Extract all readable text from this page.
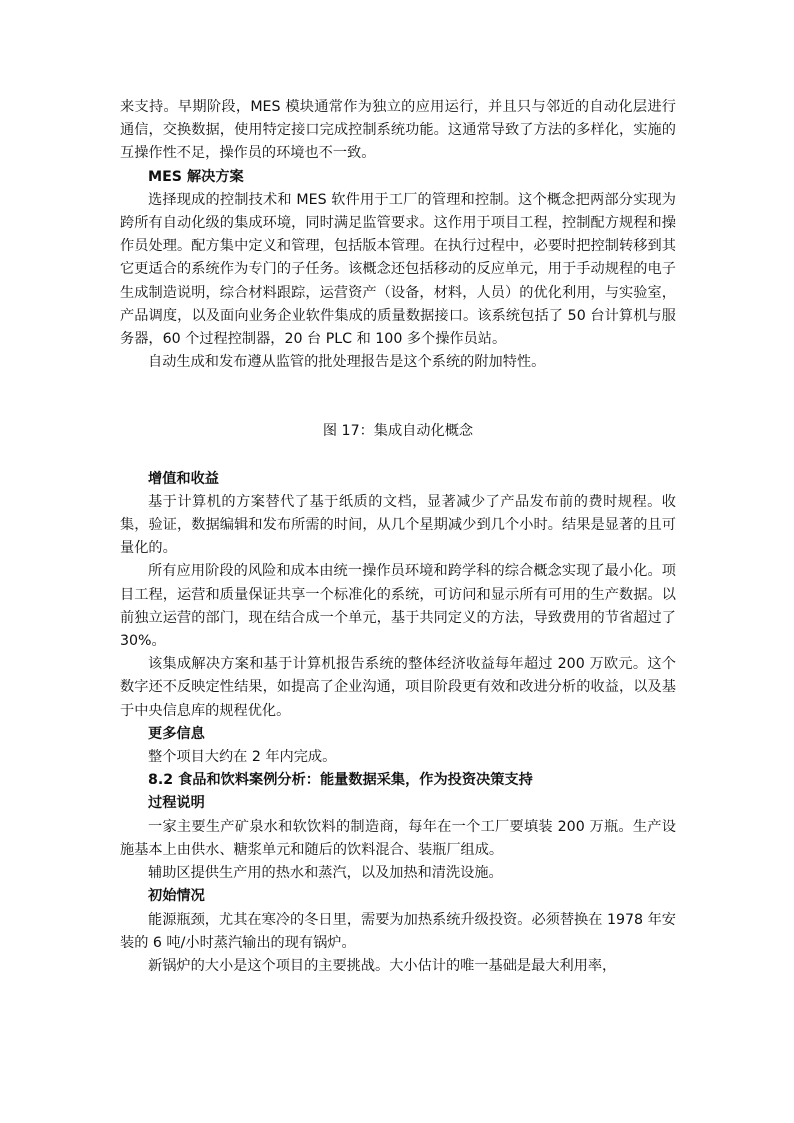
来支持。早期阶段，MES 模块通常作为独立的应用运行，并且只与邻近的自动化层进行通信，交换数据，使用特定接口完成控制系统功能。这通常导致了方法的多样化，实施的互操作性不足，操作员的环境也不一致。

MES 解决方案

选择现成的控制技术和 MES 软件用于工厂的管理和控制。这个概念把两部分实现为跨所有自动化级的集成环境，同时满足监管要求。这作用于项目工程，控制配方规程和操作员处理。配方集中定义和管理，包括版本管理。在执行过程中，必要时把控制转移到其它更适合的系统作为专门的子任务。该概念还包括移动的反应单元，用于手动规程的电子生成制造说明，综合材料跟踪，运营资产（设备，材料，人员）的优化利用，与实验室，产品调度，以及面向业务企业软件集成的质量数据接口。该系统包括了 50 台计算机与服务器，60 个过程控制器，20 台 PLC 和 100 多个操作员站。

自动生成和发布遵从监管的批处理报告是这个系统的附加特性。

图 17：集成自动化概念

增值和收益

基于计算机的方案替代了基于纸质的文档，显著减少了产品发布前的费时规程。收集，验证，数据编辑和发布所需的时间，从几个星期减少到几个小时。结果是显著的且可量化的。

所有应用阶段的风险和成本由统一操作员环境和跨学科的综合概念实现了最小化。项目工程，运营和质量保证共享一个标准化的系统，可访问和显示所有可用的生产数据。以前独立运营的部门，现在结合成一个单元，基于共同定义的方法，导致费用的节省超过了 30%。

该集成解决方案和基于计算机报告系统的整体经济收益每年超过 200 万欧元。这个数字还不反映定性结果，如提高了企业沟通，项目阶段更有效和改进分析的收益，以及基于中央信息库的规程优化。

更多信息

整个项目大约在 2 年内完成。

8.2 食品和饮料案例分析：能量数据采集，作为投资决策支持

过程说明

一家主要生产矿泉水和软饮料的制造商，每年在一个工厂要填装 200 万瓶。生产设施基本上由供水、糖浆单元和随后的饮料混合、装瓶厂组成。

辅助区提供生产用的热水和蒸汽，以及加热和清洗设施。

初始情况

能源瓶颈，尤其在寒冷的冬日里，需要为加热系统升级投资。必须替换在 1978 年安装的 6 吨/小时蒸汽输出的现有锅炉。

新锅炉的大小是这个项目的主要挑战。大小估计的唯一基础是最大利用率，
